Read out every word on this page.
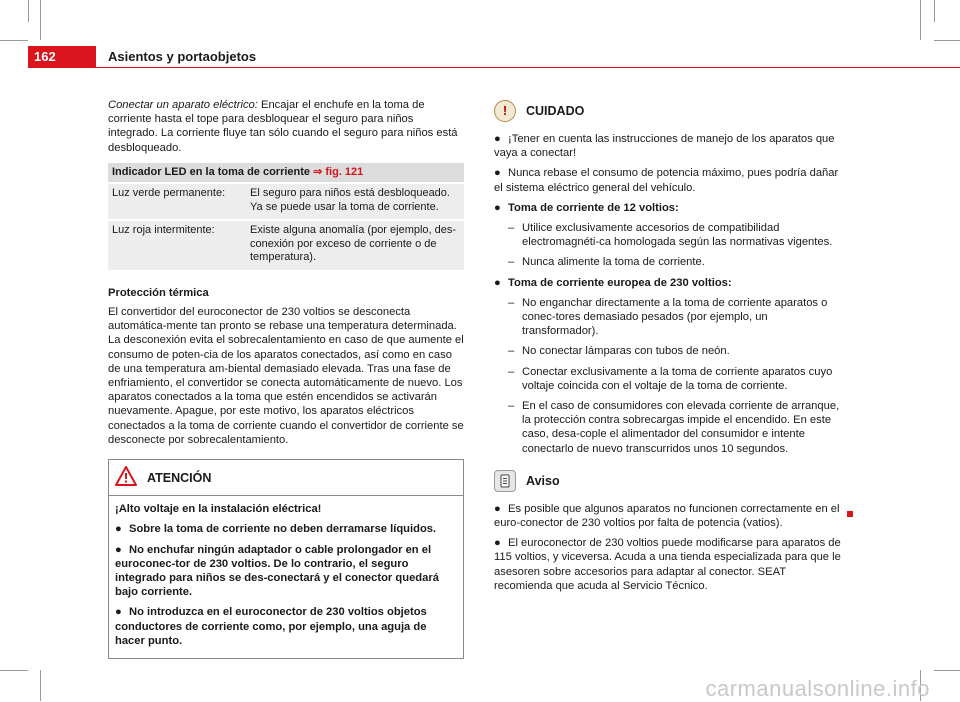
162	Asientos y portaobjetos

Conectar un aparato eléctrico: Encajar el enchufe en la toma de corriente hasta el tope para desbloquear el seguro para niños integrado. La corriente fluye tan sólo cuando el seguro para niños está desbloqueado.

Indicador LED en la toma de corriente ⇒ fig. 121	
Luz verde permanente:	El seguro para niños está desbloqueado. Ya se puede usar la toma de corriente.
Luz roja intermitente:	Existe alguna anomalía (por ejemplo, des-conexión por exceso de corriente o de temperatura).
Protección térmica

El convertidor del euroconector de 230 voltios se desconecta automática-mente tan pronto se rebase una temperatura determinada. La desconexión evita el sobrecalentamiento en caso de que aumente el consumo de poten-cia de los aparatos conectados, así como en caso de una temperatura am-biental demasiado elevada. Tras una fase de enfriamiento, el convertidor se conecta automáticamente de nuevo. Los aparatos conectados a la toma que estén encendidos se activarán nuevamente. Apague, por este motivo, los aparatos eléctricos conectados a la toma de corriente cuando el convertidor de corriente se desconecte por sobrecalentamiento.

ATENCIÓN

¡Alto voltaje en la instalación eléctrica!

● Sobre la toma de corriente no deben derramarse líquidos.

● No enchufar ningún adaptador o cable prolongador en el euroconec-tor de 230 voltios. De lo contrario, el seguro integrado para niños se des-conectará y el conector quedará bajo corriente.

● No introduzca en el euroconector de 230 voltios objetos conductores de corriente como, por ejemplo, una aguja de hacer punto.

!	CUIDADO

● ¡Tener en cuenta las instrucciones de manejo de los aparatos que vaya a conectar!

● Nunca rebase el consumo de potencia máximo, pues podría dañar el sistema eléctrico general del vehículo.

● Toma de corriente de 12 voltios:

– Utilice exclusivamente accesorios de compatibilidad electromagnéti-ca homologada según las normativas vigentes.

– Nunca alimente la toma de corriente.

● Toma de corriente europea de 230 voltios:

– No enganchar directamente a la toma de corriente aparatos o conec-tores demasiado pesados (por ejemplo, un transformador).

– No conectar lámparas con tubos de neón.

– Conectar exclusivamente a la toma de corriente aparatos cuyo voltaje coincida con el voltaje de la toma de corriente.

– En el caso de consumidores con elevada corriente de arranque, la protección contra sobrecargas impide el encendido. En este caso, desa-cople el alimentador del consumidor e intente conectarlo de nuevo transcurridos unos 10 segundos.

Aviso

● Es posible que algunos aparatos no funcionen correctamente en el euro-conector de 230 voltios por falta de potencia (vatios).

● El euroconector de 230 voltios puede modificarse para aparatos de 115 voltios, y viceversa. Acuda a una tienda especializada para que le asesoren sobre accesorios para adaptar al conector. SEAT recomienda que acuda al Servicio Técnico.

carmanualsonline.info
